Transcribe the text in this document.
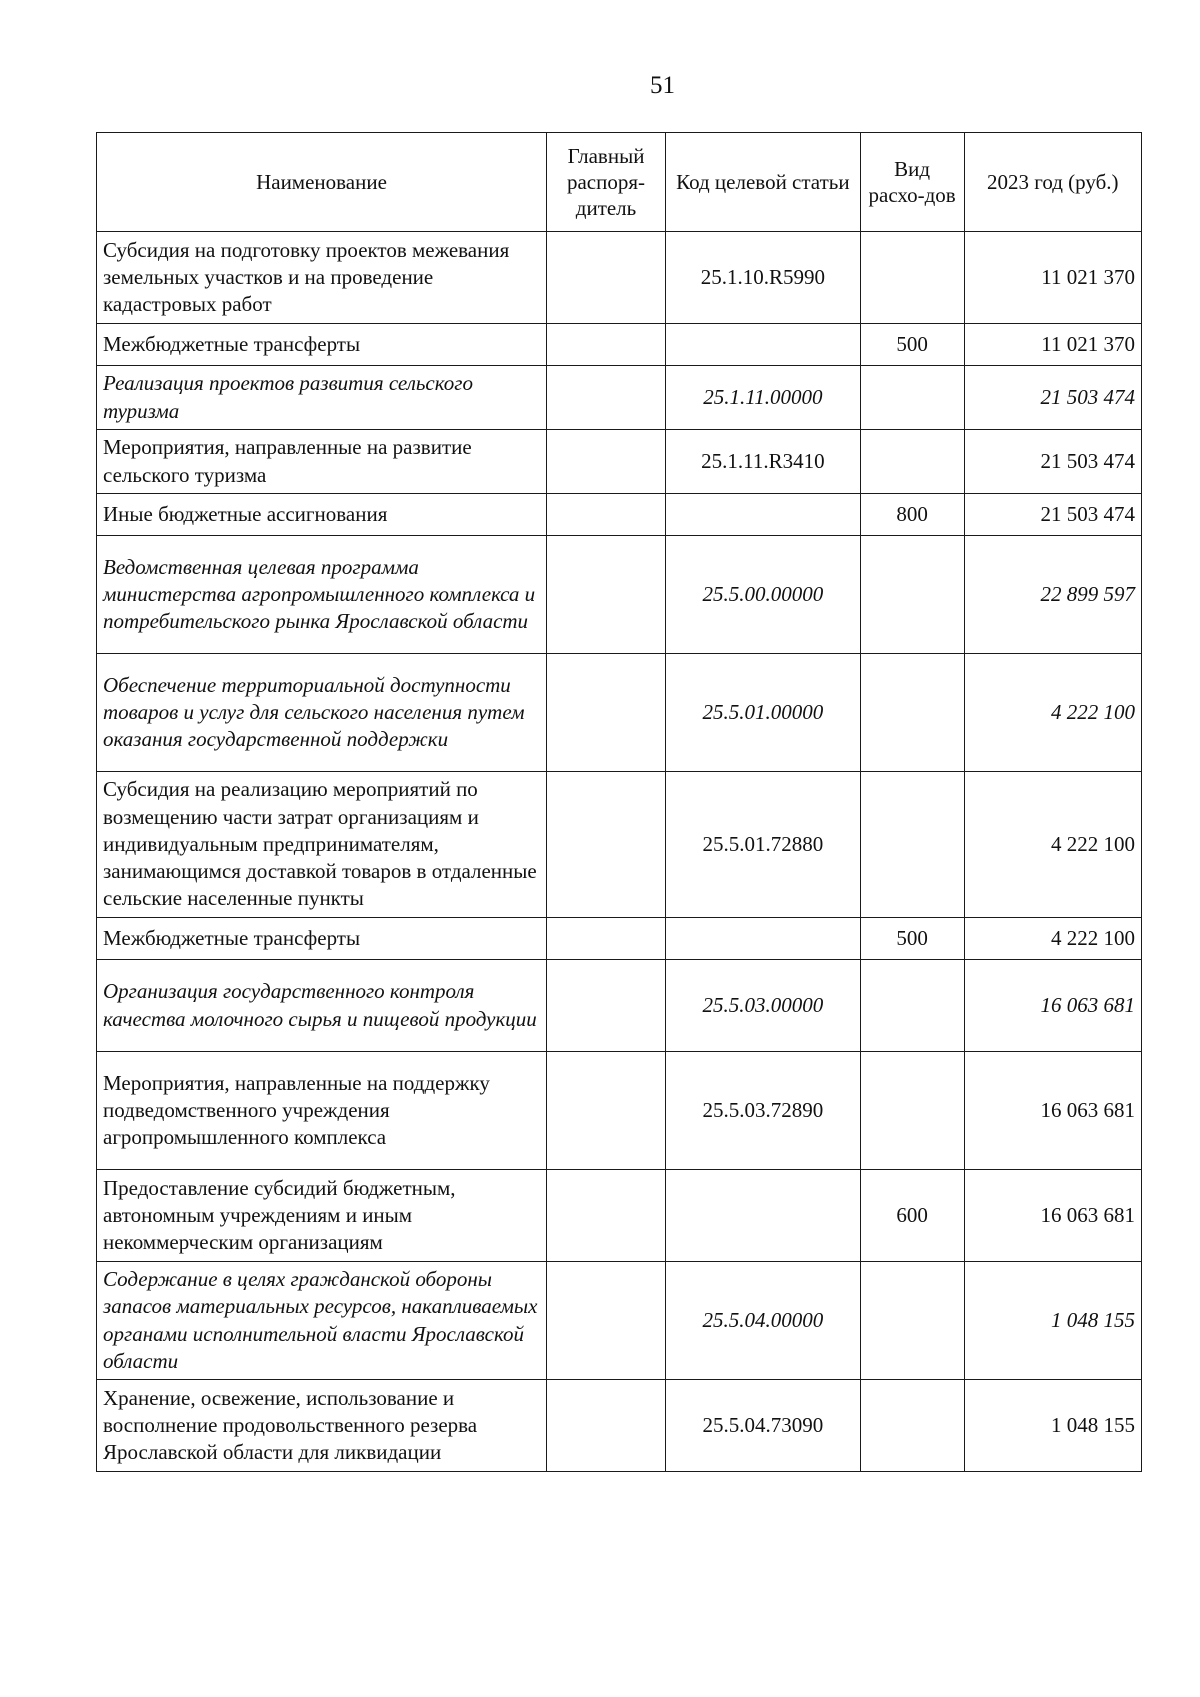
51
Наименование	Главный распоря-дитель	Код целевой статьи	Вид расхо-дов	2023 год (руб.)
Субсидия на подготовку проектов межевания земельных участков и на проведение кадастровых работ		25.1.10.R5990		11 021 370
Межбюджетные трансферты			500	11 021 370
Реализация проектов развития сельского туризма		25.1.11.00000		21 503 474
Мероприятия, направленные на развитие сельского туризма		25.1.11.R3410		21 503 474
Иные бюджетные ассигнования			800	21 503 474
Ведомственная целевая программа министерства агропромышленного комплекса и потребительского рынка Ярославской области		25.5.00.00000		22 899 597
Обеспечение территориальной доступности товаров и услуг для сельского населения путем оказания государственной поддержки		25.5.01.00000		4 222 100
Субсидия на реализацию мероприятий по возмещению части затрат организациям и индивидуальным предпринимателям, занимающимся доставкой товаров в отдаленные сельские населенные пункты		25.5.01.72880		4 222 100
Межбюджетные трансферты			500	4 222 100
Организация государственного контроля качества молочного сырья и пищевой продукции		25.5.03.00000		16 063 681
Мероприятия, направленные на поддержку подведомственного учреждения агропромышленного комплекса		25.5.03.72890		16 063 681
Предоставление субсидий бюджетным, автономным учреждениям и иным некоммерческим организациям			600	16 063 681
Содержание в целях гражданской обороны запасов материальных ресурсов, накапливаемых органами исполнительной власти Ярославской области		25.5.04.00000		1 048 155
Хранение, освежение, использование и восполнение продовольственного резерва Ярославской области для ликвидации		25.5.04.73090		1 048 155
